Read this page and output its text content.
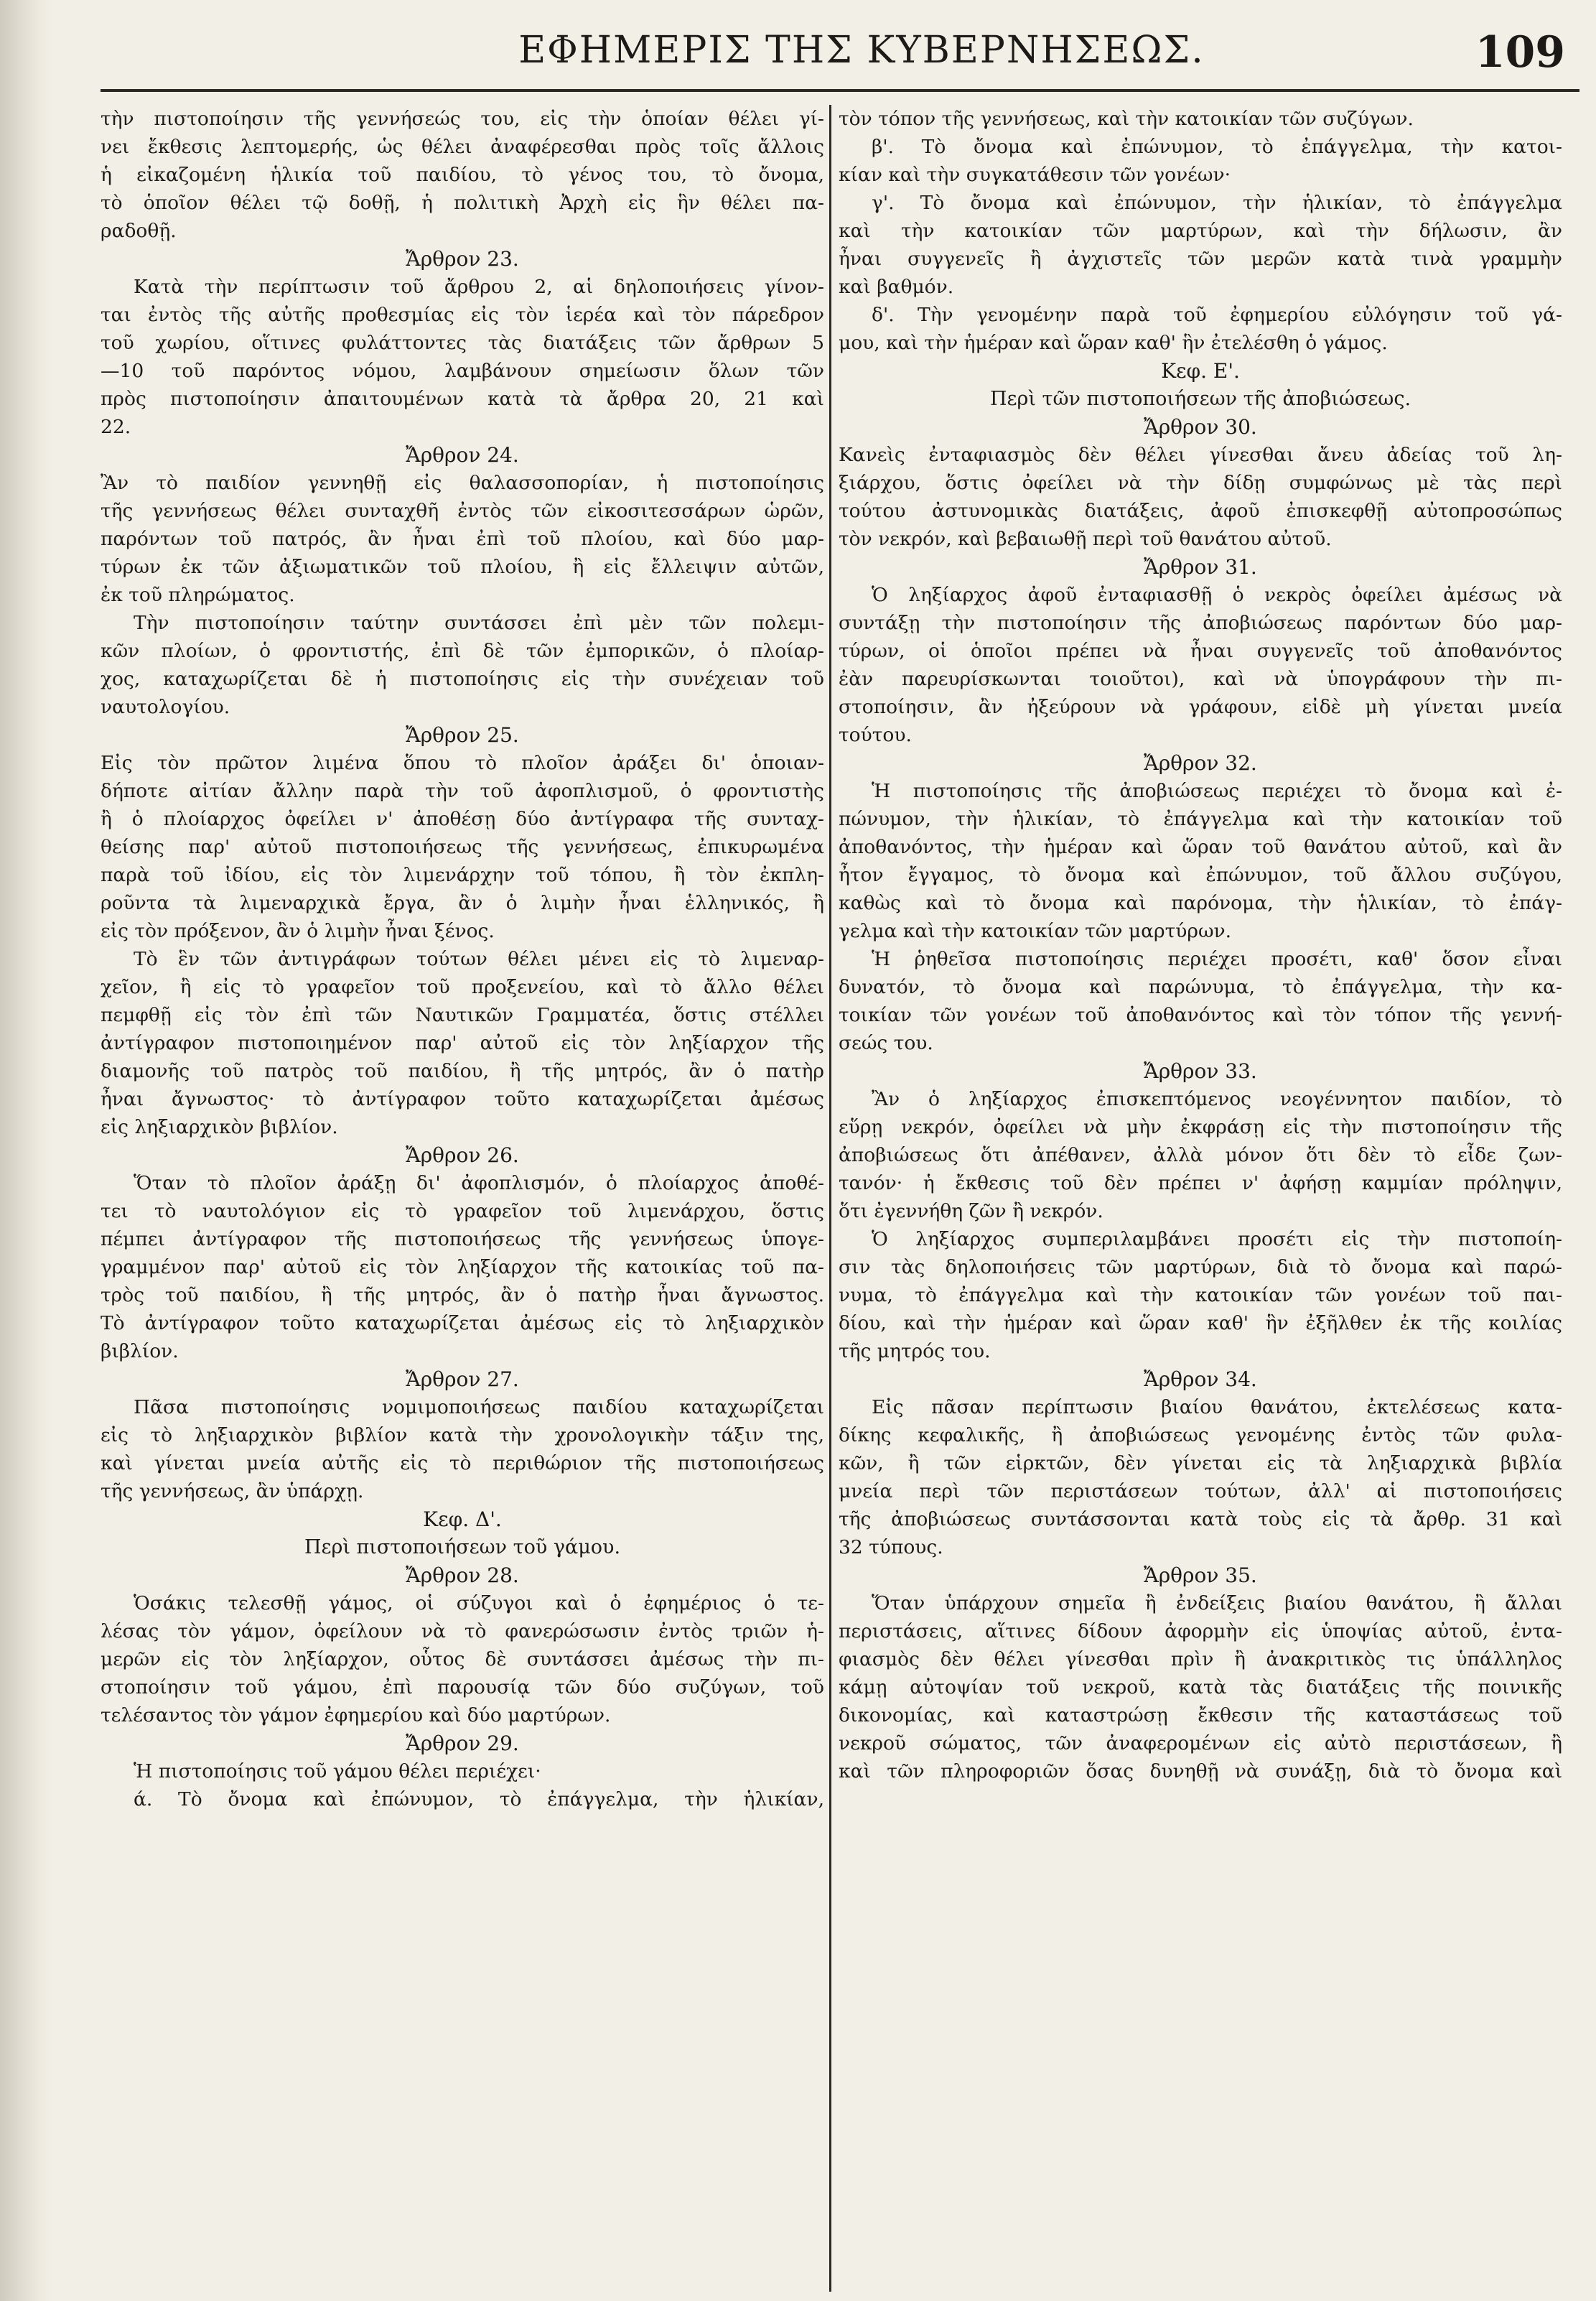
ΕΦΗΜΕΡΙΣ ΤΗΣ ΚΥΒΕΡΝΗΣΕΩΣ.	109
τὴν πιστοποίησιν τῆς γεννήσεώς του, εἰς τὴν ὁποίαν θέλει γί-
νει ἔκθεσις λεπτομερής, ὡς θέλει ἀναφέρεσθαι πρὸς τοῖς ἄλλοις
ἡ εἰκαζομένη ἡλικία τοῦ παιδίου, τὸ γένος του, τὸ ὄνομα,
τὸ ὁποῖον θέλει τῷ δοθῇ, ἡ πολιτικὴ Ἀρχὴ εἰς ἣν θέλει πα-
ραδοθῇ.
Ἄρθρον 23.
Κατὰ τὴν περίπτωσιν τοῦ ἄρθρου 2, αἱ δηλοποιήσεις γίνον-
ται ἐντὸς τῆς αὐτῆς προθεσμίας εἰς τὸν ἱερέα καὶ τὸν πάρεδρον
τοῦ χωρίου, οἵτινες φυλάττοντες τὰς διατάξεις τῶν ἄρθρων 5
—10 τοῦ παρόντος νόμου, λαμβάνουν σημείωσιν ὅλων τῶν
πρὸς πιστοποίησιν ἀπαιτουμένων κατὰ τὰ ἄρθρα 20, 21 καὶ
22.
Ἄρθρον 24.
Ἂν τὸ παιδίον γεννηθῇ εἰς θαλασσοπορίαν, ἡ πιστοποίησις
τῆς γεννήσεως θέλει συνταχθῆ ἐντὸς τῶν εἰκοσιτεσσάρων ὡρῶν,
παρόντων τοῦ πατρός, ἂν ἦναι ἐπὶ τοῦ πλοίου, καὶ δύο μαρ-
τύρων ἐκ τῶν ἀξιωματικῶν τοῦ πλοίου, ἢ εἰς ἔλλειψιν αὐτῶν,
ἐκ τοῦ πληρώματος.
Τὴν πιστοποίησιν ταύτην συντάσσει ἐπὶ μὲν τῶν πολεμι-
κῶν πλοίων, ὁ φροντιστής, ἐπὶ δὲ τῶν ἐμπορικῶν, ὁ πλοίαρ-
χος, καταχωρίζεται δὲ ἡ πιστοποίησις εἰς τὴν συνέχειαν τοῦ
ναυτολογίου.
Ἄρθρον 25.
Εἰς τὸν πρῶτον λιμένα ὅπου τὸ πλοῖον ἀράξει δι' ὁποιαν-
δήποτε αἰτίαν ἄλλην παρὰ τὴν τοῦ ἀφοπλισμοῦ, ὁ φροντιστὴς
ἢ ὁ πλοίαρχος ὀφείλει ν' ἀποθέσῃ δύο ἀντίγραφα τῆς συνταχ-
θείσης παρ' αὐτοῦ πιστοποιήσεως τῆς γεννήσεως, ἐπικυρωμένα
παρὰ τοῦ ἰδίου, εἰς τὸν λιμενάρχην τοῦ τόπου, ἢ τὸν ἐκπλη-
ροῦντα τὰ λιμεναρχικὰ ἔργα, ἂν ὁ λιμὴν ἦναι ἑλληνικός, ἢ
εἰς τὸν πρόξενον, ἂν ὁ λιμὴν ἦναι ξένος.
Τὸ ἓν τῶν ἀντιγράφων τούτων θέλει μένει εἰς τὸ λιμεναρ-
χεῖον, ἢ εἰς τὸ γραφεῖον τοῦ προξενείου, καὶ τὸ ἄλλο θέλει
πεμφθῇ εἰς τὸν ἐπὶ τῶν Ναυτικῶν Γραμματέα, ὅστις στέλλει
ἀντίγραφον πιστοποιημένον παρ' αὐτοῦ εἰς τὸν ληξίαρχον τῆς
διαμονῆς τοῦ πατρὸς τοῦ παιδίου, ἢ τῆς μητρός, ἂν ὁ πατὴρ
ἦναι ἄγνωστος· τὸ ἀντίγραφον τοῦτο καταχωρίζεται ἀμέσως
εἰς ληξιαρχικὸν βιβλίον.
Ἄρθρον 26.
Ὅταν τὸ πλοῖον ἀράξῃ δι' ἀφοπλισμόν, ὁ πλοίαρχος ἀποθέ-
τει τὸ ναυτολόγιον εἰς τὸ γραφεῖον τοῦ λιμενάρχου, ὅστις
πέμπει ἀντίγραφον τῆς πιστοποιήσεως τῆς γεννήσεως ὑπογε-
γραμμένον παρ' αὐτοῦ εἰς τὸν ληξίαρχον τῆς κατοικίας τοῦ πα-
τρὸς τοῦ παιδίου, ἢ τῆς μητρός, ἂν ὁ πατὴρ ἦναι ἄγνωστος.
Τὸ ἀντίγραφον τοῦτο καταχωρίζεται ἀμέσως εἰς τὸ ληξιαρχικὸν
βιβλίον.
Ἄρθρον 27.
Πᾶσα πιστοποίησις νομιμοποιήσεως παιδίου καταχωρίζεται
εἰς τὸ ληξιαρχικὸν βιβλίον κατὰ τὴν χρονολογικὴν τάξιν της,
καὶ γίνεται μνεία αὐτῆς εἰς τὸ περιθώριον τῆς πιστοποιήσεως
τῆς γεννήσεως, ἂν ὑπάρχῃ.
Κεφ. Δ'.
Περὶ πιστοποιήσεων τοῦ γάμου.
Ἄρθρον 28.
Ὁσάκις τελεσθῇ γάμος, οἱ σύζυγοι καὶ ὁ ἐφημέριος ὁ τε-
λέσας τὸν γάμον, ὀφείλουν νὰ τὸ φανερώσωσιν ἐντὸς τριῶν ἡ-
μερῶν εἰς τὸν ληξίαρχον, οὗτος δὲ συντάσσει ἀμέσως τὴν πι-
στοποίησιν τοῦ γάμου, ἐπὶ παρουσίᾳ τῶν δύο συζύγων, τοῦ
τελέσαντος τὸν γάμον ἐφημερίου καὶ δύο μαρτύρων.
Ἄρθρον 29.
Ἡ πιστοποίησις τοῦ γάμου θέλει περιέχει·
ά. Τὸ ὄνομα καὶ ἐπώνυμον, τὸ ἐπάγγελμα, τὴν ἡλικίαν,
τὸν τόπον τῆς γεννήσεως, καὶ τὴν κατοικίαν τῶν συζύγων.
β'. Τὸ ὄνομα καὶ ἐπώνυμον, τὸ ἐπάγγελμα, τὴν κατοι-
κίαν καὶ τὴν συγκατάθεσιν τῶν γονέων·
γ'. Τὸ ὄνομα καὶ ἐπώνυμον, τὴν ἡλικίαν, τὸ ἐπάγγελμα
καὶ τὴν κατοικίαν τῶν μαρτύρων, καὶ τὴν δήλωσιν, ἂν
ἦναι συγγενεῖς ἢ ἀγχιστεῖς τῶν μερῶν κατὰ τινὰ γραμμὴν
καὶ βαθμόν.
δ'. Τὴν γενομένην παρὰ τοῦ ἐφημερίου εὐλόγησιν τοῦ γά-
μου, καὶ τὴν ἡμέραν καὶ ὥραν καθ' ἣν ἐτελέσθη ὁ γάμος.
Κεφ. Ε'.
Περὶ τῶν πιστοποιήσεων τῆς ἀποβιώσεως.
Ἄρθρον 30.
Κανεὶς ἐνταφιασμὸς δὲν θέλει γίνεσθαι ἄνευ ἀδείας τοῦ λη-
ξιάρχου, ὅστις ὀφείλει νὰ τὴν δίδῃ συμφώνως μὲ τὰς περὶ
τούτου ἀστυνομικὰς διατάξεις, ἀφοῦ ἐπισκεφθῇ αὐτοπροσώπως
τὸν νεκρόν, καὶ βεβαιωθῇ περὶ τοῦ θανάτου αὐτοῦ.
Ἄρθρον 31.
Ὁ ληξίαρχος ἀφοῦ ἐνταφιασθῇ ὁ νεκρὸς ὀφείλει ἀμέσως νὰ
συντάξῃ τὴν πιστοποίησιν τῆς ἀποβιώσεως παρόντων δύο μαρ-
τύρων, οἱ ὁποῖοι πρέπει νὰ ἦναι συγγενεῖς τοῦ ἀποθανόντος
ἐὰν παρευρίσκωνται τοιοῦτοι), καὶ νὰ ὑπογράφουν τὴν πι-
στοποίησιν, ἂν ἠξεύρουν νὰ γράφουν, εἰδὲ μὴ γίνεται μνεία
τούτου.
Ἄρθρον 32.
Ἡ πιστοποίησις τῆς ἀποβιώσεως περιέχει τὸ ὄνομα καὶ ἐ-
πώνυμον, τὴν ἡλικίαν, τὸ ἐπάγγελμα καὶ τὴν κατοικίαν τοῦ
ἀποθανόντος, τὴν ἡμέραν καὶ ὥραν τοῦ θανάτου αὐτοῦ, καὶ ἂν
ἦτον ἔγγαμος, τὸ ὄνομα καὶ ἐπώνυμον, τοῦ ἄλλου συζύγου,
καθὼς καὶ τὸ ὄνομα καὶ παρόνομα, τὴν ἡλικίαν, τὸ ἐπάγ-
γελμα καὶ τὴν κατοικίαν τῶν μαρτύρων.
Ἡ ῥηθεῖσα πιστοποίησις περιέχει προσέτι, καθ' ὅσον εἶναι
δυνατόν, τὸ ὄνομα καὶ παρώνυμα, τὸ ἐπάγγελμα, τὴν κα-
τοικίαν τῶν γονέων τοῦ ἀποθανόντος καὶ τὸν τόπον τῆς γεννή-
σεώς του.
Ἄρθρον 33.
Ἂν ὁ ληξίαρχος ἐπισκεπτόμενος νεογέννητον παιδίον, τὸ
εὕρῃ νεκρόν, ὀφείλει νὰ μὴν ἐκφράσῃ εἰς τὴν πιστοποίησιν τῆς
ἀποβιώσεως ὅτι ἀπέθανεν, ἀλλὰ μόνον ὅτι δὲν τὸ εἶδε ζων-
τανόν· ἡ ἔκθεσις τοῦ δὲν πρέπει ν' ἀφήσῃ καμμίαν πρόληψιν,
ὅτι ἐγεννήθη ζῶν ἢ νεκρόν.
Ὁ ληξίαρχος συμπεριλαμβάνει προσέτι εἰς τὴν πιστοποίη-
σιν τὰς δηλοποιήσεις τῶν μαρτύρων, διὰ τὸ ὄνομα καὶ παρώ-
νυμα, τὸ ἐπάγγελμα καὶ τὴν κατοικίαν τῶν γονέων τοῦ παι-
δίου, καὶ τὴν ἡμέραν καὶ ὥραν καθ' ἣν ἐξῆλθεν ἐκ τῆς κοιλίας
τῆς μητρός του.
Ἄρθρον 34.
Εἰς πᾶσαν περίπτωσιν βιαίου θανάτου, ἐκτελέσεως κατα-
δίκης κεφαλικῆς, ἢ ἀποβιώσεως γενομένης ἐντὸς τῶν φυλα-
κῶν, ἢ τῶν εἱρκτῶν, δὲν γίνεται εἰς τὰ ληξιαρχικὰ βιβλία
μνεία περὶ τῶν περιστάσεων τούτων, ἀλλ' αἱ πιστοποιήσεις
τῆς ἀποβιώσεως συντάσσονται κατὰ τοὺς εἰς τὰ ἄρθρ. 31 καὶ
32 τύπους.
Ἄρθρον 35.
Ὅταν ὑπάρχουν σημεῖα ἢ ἐνδείξεις βιαίου θανάτου, ἢ ἄλλαι
περιστάσεις, αἵτινες δίδουν ἀφορμὴν εἰς ὑποψίας αὐτοῦ, ἐντα-
φιασμὸς δὲν θέλει γίνεσθαι πρὶν ἢ ἀνακριτικὸς τις ὑπάλληλος
κάμῃ αὐτοψίαν τοῦ νεκροῦ, κατὰ τὰς διατάξεις τῆς ποινικῆς
δικονομίας, καὶ καταστρώσῃ ἔκθεσιν τῆς καταστάσεως τοῦ
νεκροῦ σώματος, τῶν ἀναφερομένων εἰς αὐτὸ περιστάσεων, ἢ
καὶ τῶν πληροφοριῶν ὅσας δυνηθῇ νὰ συνάξῃ, διὰ τὸ ὄνομα καὶ
